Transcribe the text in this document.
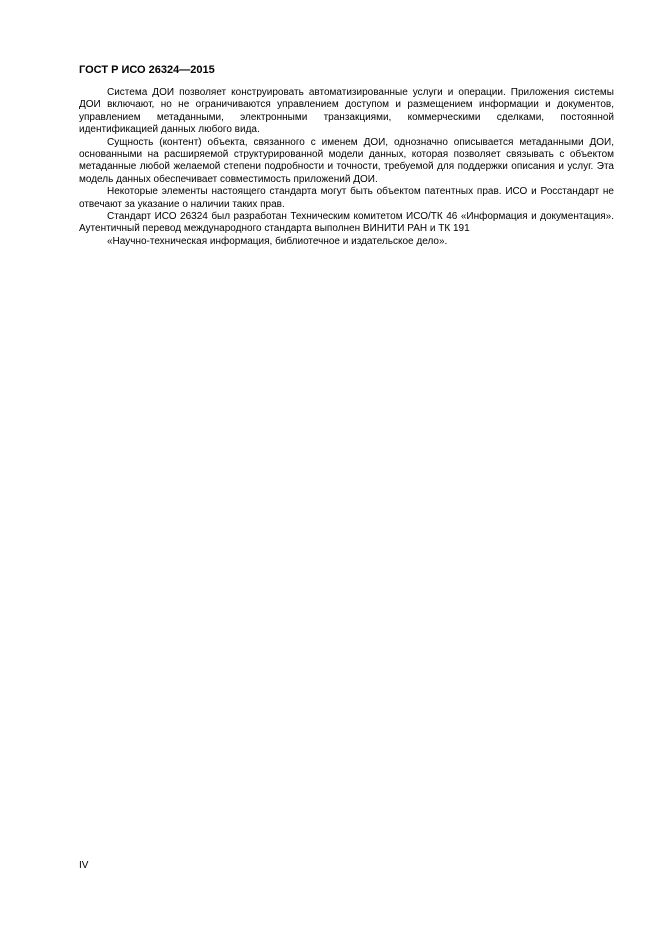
ГОСТ Р ИСО 26324—2015

Система ДОИ позволяет конструировать автоматизированные услуги и операции. Приложения системы ДОИ включают, но не ограничиваются управлением доступом и размещением информации и документов, управлением метаданными, электронными транзакциями, коммерческими сделками, постоянной идентификацией данных любого вида.

Сущность (контент) объекта, связанного с именем ДОИ, однозначно описывается метаданными ДОИ, основанными на расширяемой структурированной модели данных, которая позволяет связывать с объектом метаданные любой желаемой степени подробности и точности, требуемой для поддержки описания и услуг. Эта модель данных обеспечивает совместимость приложений ДОИ.

Некоторые элементы настоящего стандарта могут быть объектом патентных прав. ИСО и Росстандарт не отвечают за указание о наличии таких прав.

Стандарт ИСО 26324 был разработан Техническим комитетом ИСО/ТК 46 «Информация и документация». Аутентичный перевод международного стандарта выполнен ВИНИТИ РАН и ТК 191
«Научно-техническая информация, библиотечное и издательское дело».

IV
